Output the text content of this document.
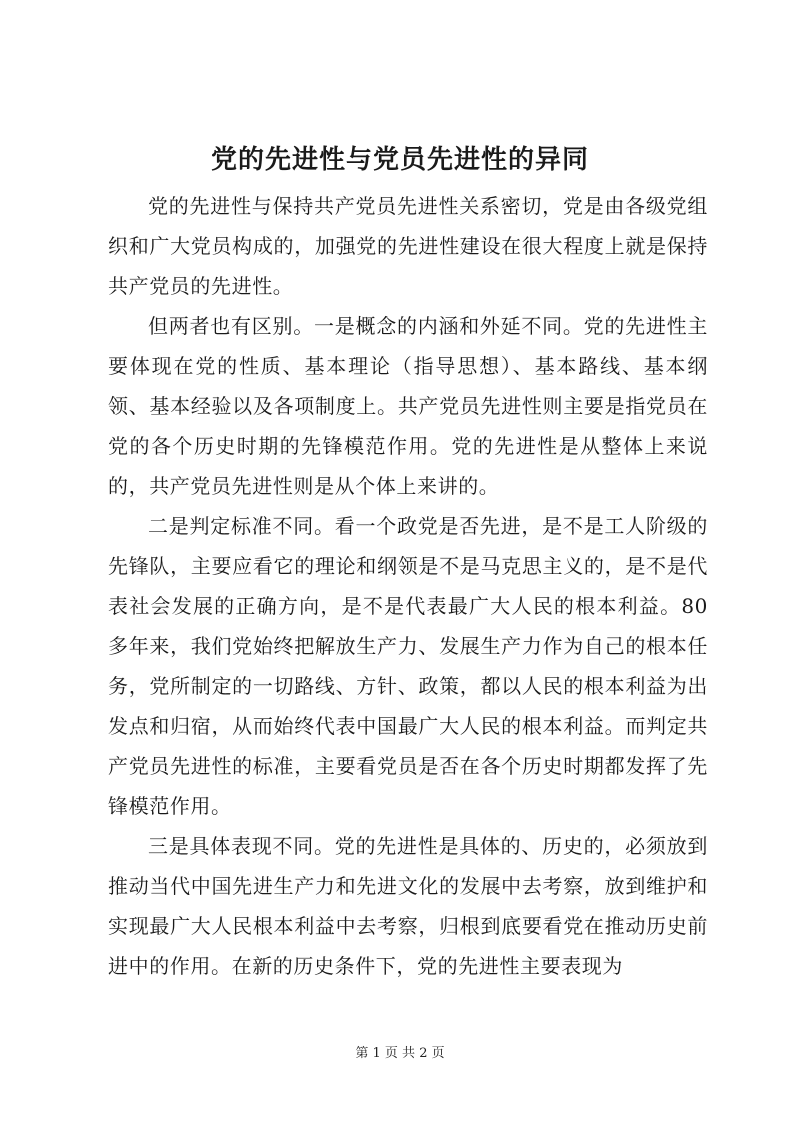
党的先进性与党员先进性的异同

党的先进性与保持共产党员先进性关系密切，党是由各级党组织和广大党员构成的，加强党的先进性建设在很大程度上就是保持共产党员的先进性。

但两者也有区别。一是概念的内涵和外延不同。党的先进性主要体现在党的性质、基本理论（指导思想）、基本路线、基本纲领、基本经验以及各项制度上。共产党员先进性则主要是指党员在党的各个历史时期的先锋模范作用。党的先进性是从整体上来说的，共产党员先进性则是从个体上来讲的。

二是判定标准不同。看一个政党是否先进，是不是工人阶级的先锋队，主要应看它的理论和纲领是不是马克思主义的，是不是代表社会发展的正确方向，是不是代表最广大人民的根本利益。80 多年来，我们党始终把解放生产力、发展生产力作为自己的根本任务，党所制定的一切路线、方针、政策，都以人民的根本利益为出发点和归宿，从而始终代表中国最广大人民的根本利益。而判定共产党员先进性的标准，主要看党员是否在各个历史时期都发挥了先锋模范作用。

三是具体表现不同。党的先进性是具体的、历史的，必须放到推动当代中国先进生产力和先进文化的发展中去考察，放到维护和实现最广大人民根本利益中去考察，归根到底要看党在推动历史前进中的作用。在新的历史条件下，党的先进性主要表现为

第 1 页 共 2 页
